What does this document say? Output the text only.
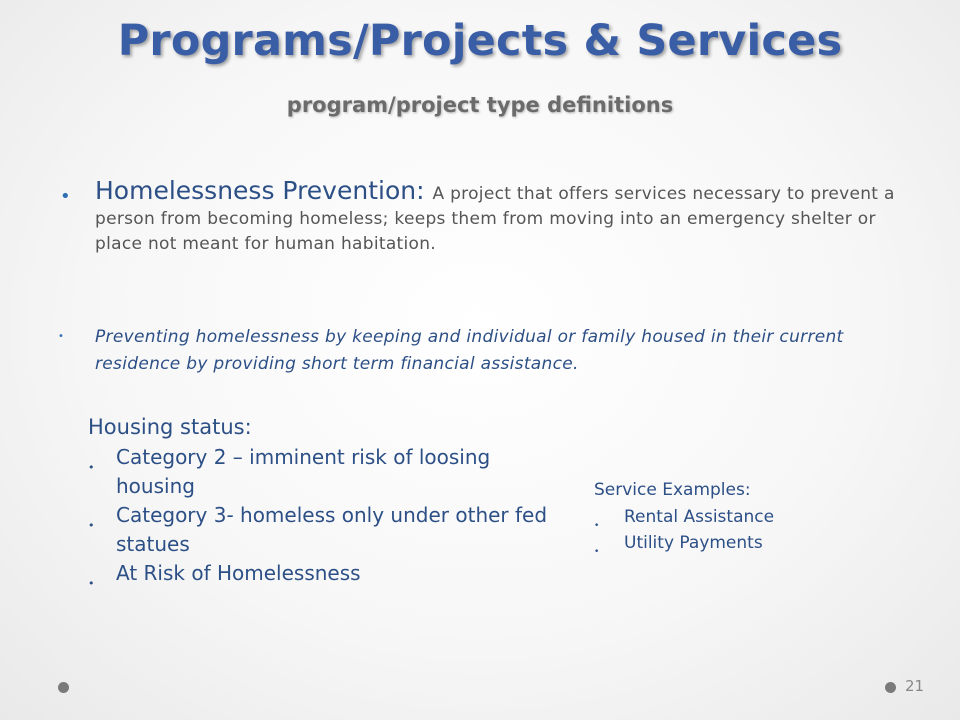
Programs/Projects & Services
program/project type definitions
• Homelessness Prevention: A project that offers services necessary to prevent a person from becoming homeless; keeps them from moving into an emergency shelter or place not meant for human habitation.
• Preventing homelessness by keeping and individual or family housed in their current residence by providing short term financial assistance.
Housing status:
• Category 2 – imminent risk of loosing housing
• Category 3- homeless only under other fed statues
• At Risk of Homelessness
Service Examples:
• Rental Assistance
• Utility Payments
21
